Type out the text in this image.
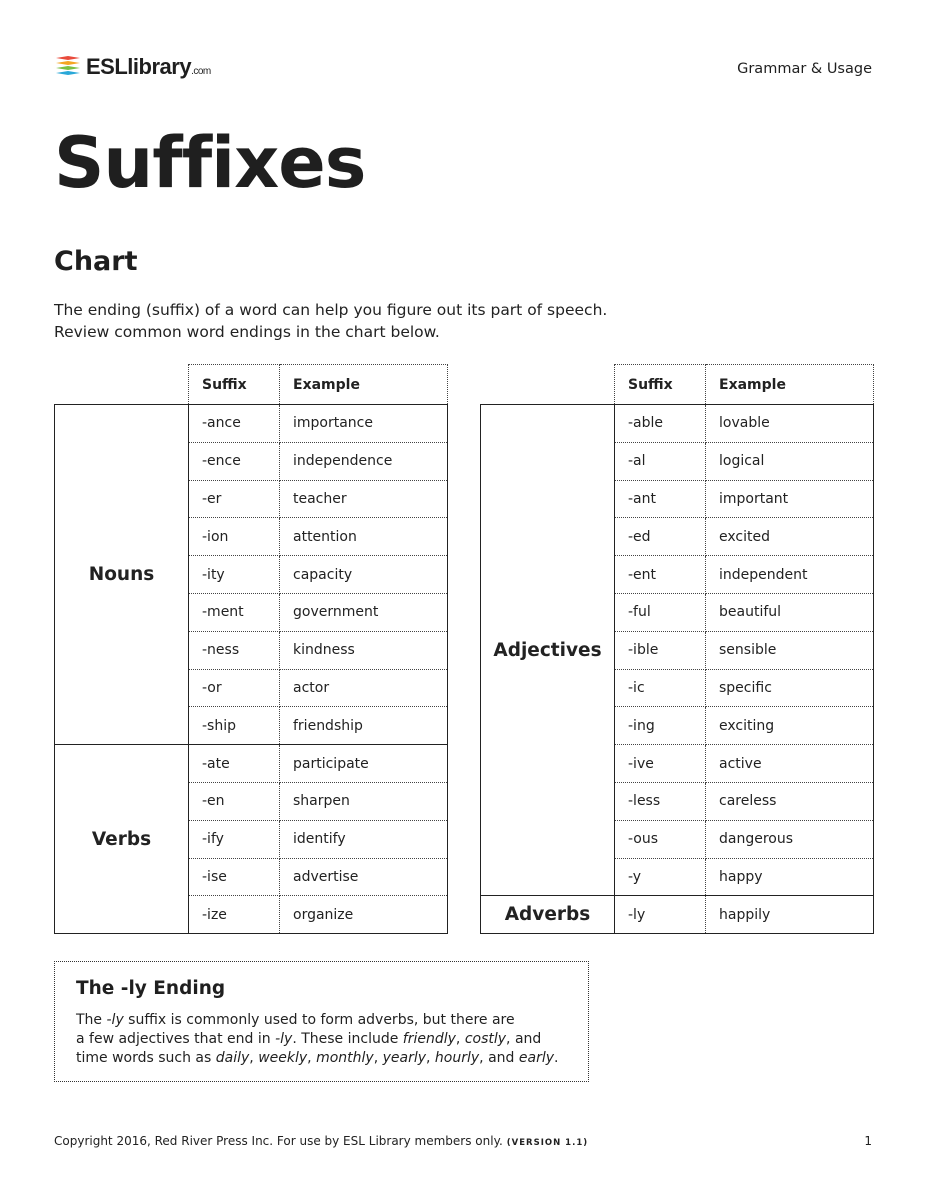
ESLlibrary.com	Grammar & Usage
Suffixes
Chart
The ending (suffix) of a word can help you figure out its part of speech.
Review common word endings in the chart below.
	Suffix	Example
Nouns	-ance	importance
	-ence	independence
	-er	teacher
	-ion	attention
	-ity	capacity
	-ment	government
	-ness	kindness
	-or	actor
	-ship	friendship
Verbs	-ate	participate
	-en	sharpen
	-ify	identify
	-ise	advertise
	-ize	organize
	Suffix	Example
Adjectives	-able	lovable
	-al	logical
	-ant	important
	-ed	excited
	-ent	independent
	-ful	beautiful
	-ible	sensible
	-ic	specific
	-ing	exciting
	-ive	active
	-less	careless
	-ous	dangerous
	-y	happy
Adverbs	-ly	happily
The -ly Ending
The -ly suffix is commonly used to form adverbs, but there are
a few adjectives that end in -ly. These include friendly, costly, and
time words such as daily, weekly, monthly, yearly, hourly, and early.
Copyright 2016, Red River Press Inc. For use by ESL Library members only. (VERSION 1.1)	1
